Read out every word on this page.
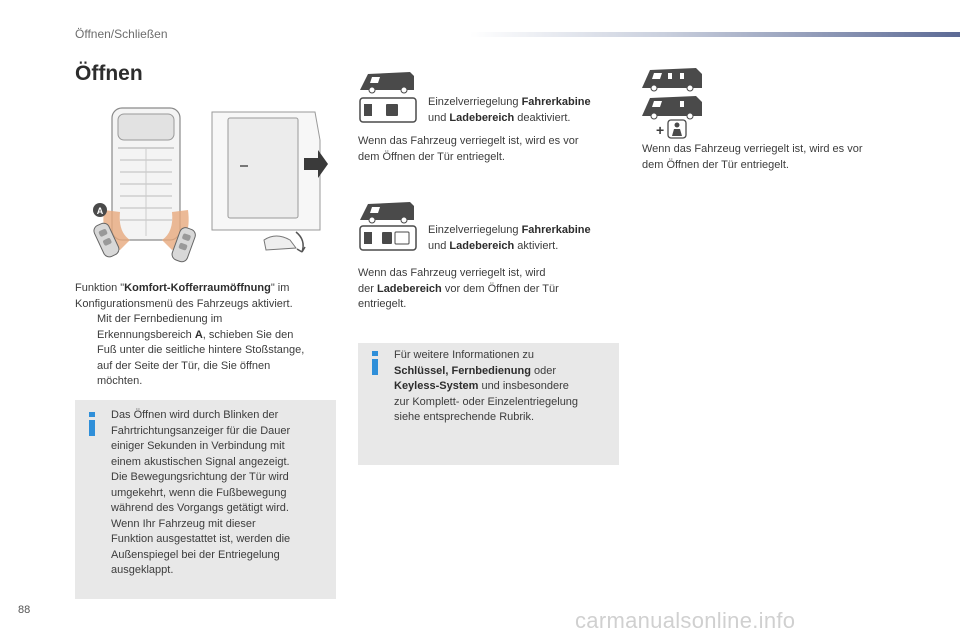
Öffnen/Schließen
Öffnen
A
Funktion "Komfort-Kofferraumöffnung" im Konfigurationsmenü des Fahrzeugs aktiviert.
Mit der Fernbedienung im
Erkennungsbereich A, schieben Sie den
Fuß unter die seitliche hintere Stoßstange,
auf der Seite der Tür, die Sie öffnen
möchten.
Das Öffnen wird durch Blinken der
Fahrtrichtungsanzeiger für die Dauer
einiger Sekunden in Verbindung mit
einem akustischen Signal angezeigt.
Die Bewegungsrichtung der Tür wird
umgekehrt, wenn die Fußbewegung
während des Vorgangs getätigt wird.
Wenn Ihr Fahrzeug mit dieser
Funktion ausgestattet ist, werden die
Außenspiegel bei der Entriegelung
ausgeklappt.
Einzelverriegelung Fahrerkabine
und Ladebereich deaktiviert.
Wenn das Fahrzeug verriegelt ist, wird es vor
dem Öffnen der Tür entriegelt.
Einzelverriegelung Fahrerkabine
und Ladebereich aktiviert.
Wenn das Fahrzeug verriegelt ist, wird
der Ladebereich vor dem Öffnen der Tür
entriegelt.
Für weitere Informationen zu
Schlüssel, Fernbedienung oder
Keyless-System und insbesondere
zur Komplett- oder Einzelentriegelung
siehe entsprechende Rubrik.
+
Wenn das Fahrzeug verriegelt ist, wird es vor
dem Öffnen der Tür entriegelt.
88	carmanualsonline.info
